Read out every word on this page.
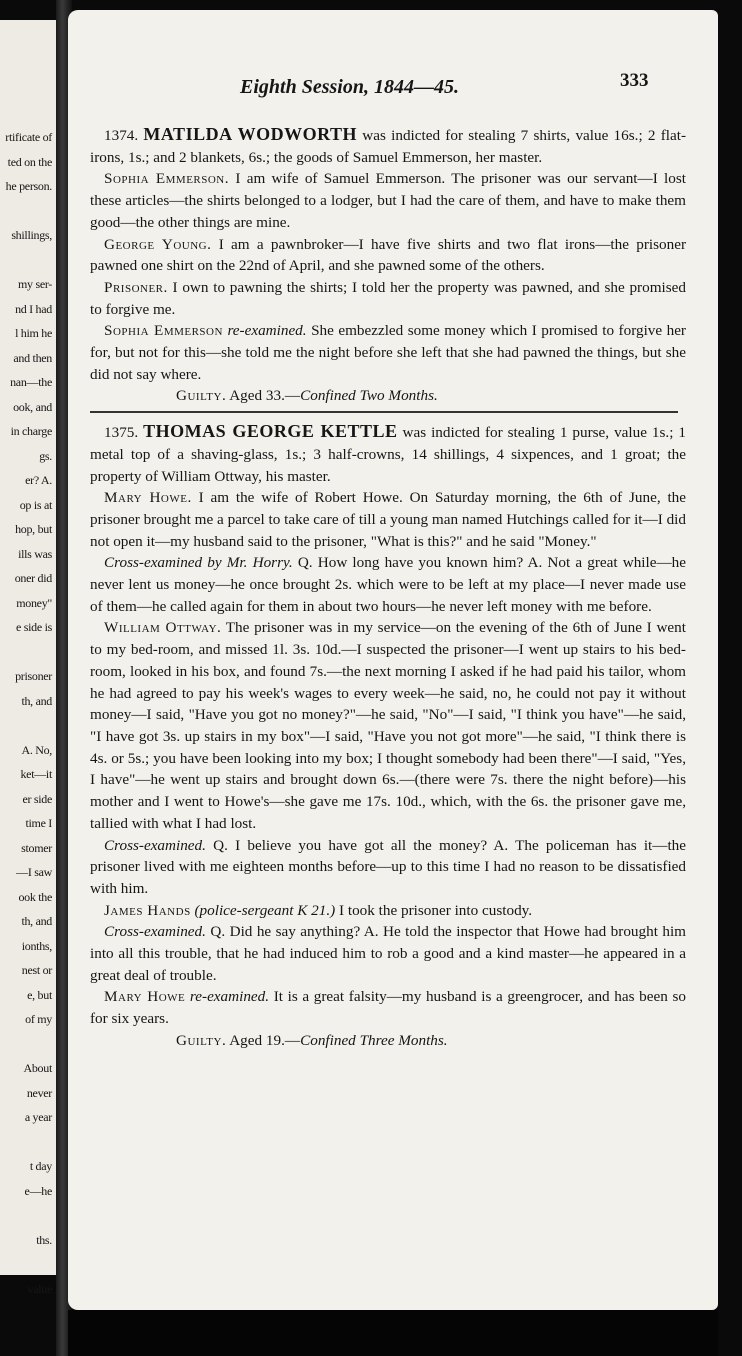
rtificate of
ted on the
he person.
shillings,
my ser-
nd I had
l him he
and then
nan—the
ook, and
in charge
gs.
er? A.
op is at
hop, but
ills was
oner did
money"
e side is
prisoner
th, and
A. No,
ket—it
er side
time I
stomer
—I saw
ook the
th, and
ionths,
nest or
e, but
of my
About
never
a year
t day
e—he
ths.
value
Eighth Session, 1844—45.	333

1374. MATILDA WODWORTH was indicted for stealing 7 shirts, value 16s.; 2 flat-irons, 1s.; and 2 blankets, 6s.; the goods of Samuel Emmerson, her master.

Sophia Emmerson. I am wife of Samuel Emmerson. The prisoner was our servant—I lost these articles—the shirts belonged to a lodger, but I had the care of them, and have to make them good—the other things are mine.

George Young. I am a pawnbroker—I have five shirts and two flat irons—the prisoner pawned one shirt on the 22nd of April, and she pawned some of the others.

Prisoner. I own to pawning the shirts; I told her the property was pawned, and she promised to forgive me.

Sophia Emmerson re-examined. She embezzled some money which I promised to forgive her for, but not for this—she told me the night before she left that she had pawned the things, but she did not say where.

Guilty. Aged 33.—Confined Two Months.

1375. THOMAS GEORGE KETTLE was indicted for stealing 1 purse, value 1s.; 1 metal top of a shaving-glass, 1s.; 3 half-crowns, 14 shillings, 4 sixpences, and 1 groat; the property of William Ottway, his master.

Mary Howe. I am the wife of Robert Howe. On Saturday morning, the 6th of June, the prisoner brought me a parcel to take care of till a young man named Hutchings called for it—I did not open it—my husband said to the prisoner, "What is this?" and he said "Money."

Cross-examined by Mr. Horry. Q. How long have you known him? A. Not a great while—he never lent us money—he once brought 2s. which were to be left at my place—I never made use of them—he called again for them in about two hours—he never left money with me before.

William Ottway. The prisoner was in my service—on the evening of the 6th of June I went to my bed-room, and missed 1l. 3s. 10d.—I suspected the prisoner—I went up stairs to his bed-room, looked in his box, and found 7s.—the next morning I asked if he had paid his tailor, whom he had agreed to pay his week's wages to every week—he said, no, he could not pay it without money—I said, "Have you got no money?"—he said, "No"—I said, "I think you have"—he said, "I have got 3s. up stairs in my box"—I said, "Have you not got more"—he said, "I think there is 4s. or 5s.; you have been looking into my box; I thought somebody had been there"—I said, "Yes, I have"—he went up stairs and brought down 6s.—(there were 7s. there the night before)—his mother and I went to Howe's—she gave me 17s. 10d., which, with the 6s. the prisoner gave me, tallied with what I had lost.

Cross-examined. Q. I believe you have got all the money? A. The policeman has it—the prisoner lived with me eighteen months before—up to this time I had no reason to be dissatisfied with him.

James Hands (police-sergeant K 21.) I took the prisoner into custody.

Cross-examined. Q. Did he say anything? A. He told the inspector that Howe had brought him into all this trouble, that he had induced him to rob a good and a kind master—he appeared in a great deal of trouble.

Mary Howe re-examined. It is a great falsity—my husband is a greengrocer, and has been so for six years.

Guilty. Aged 19.—Confined Three Months.
